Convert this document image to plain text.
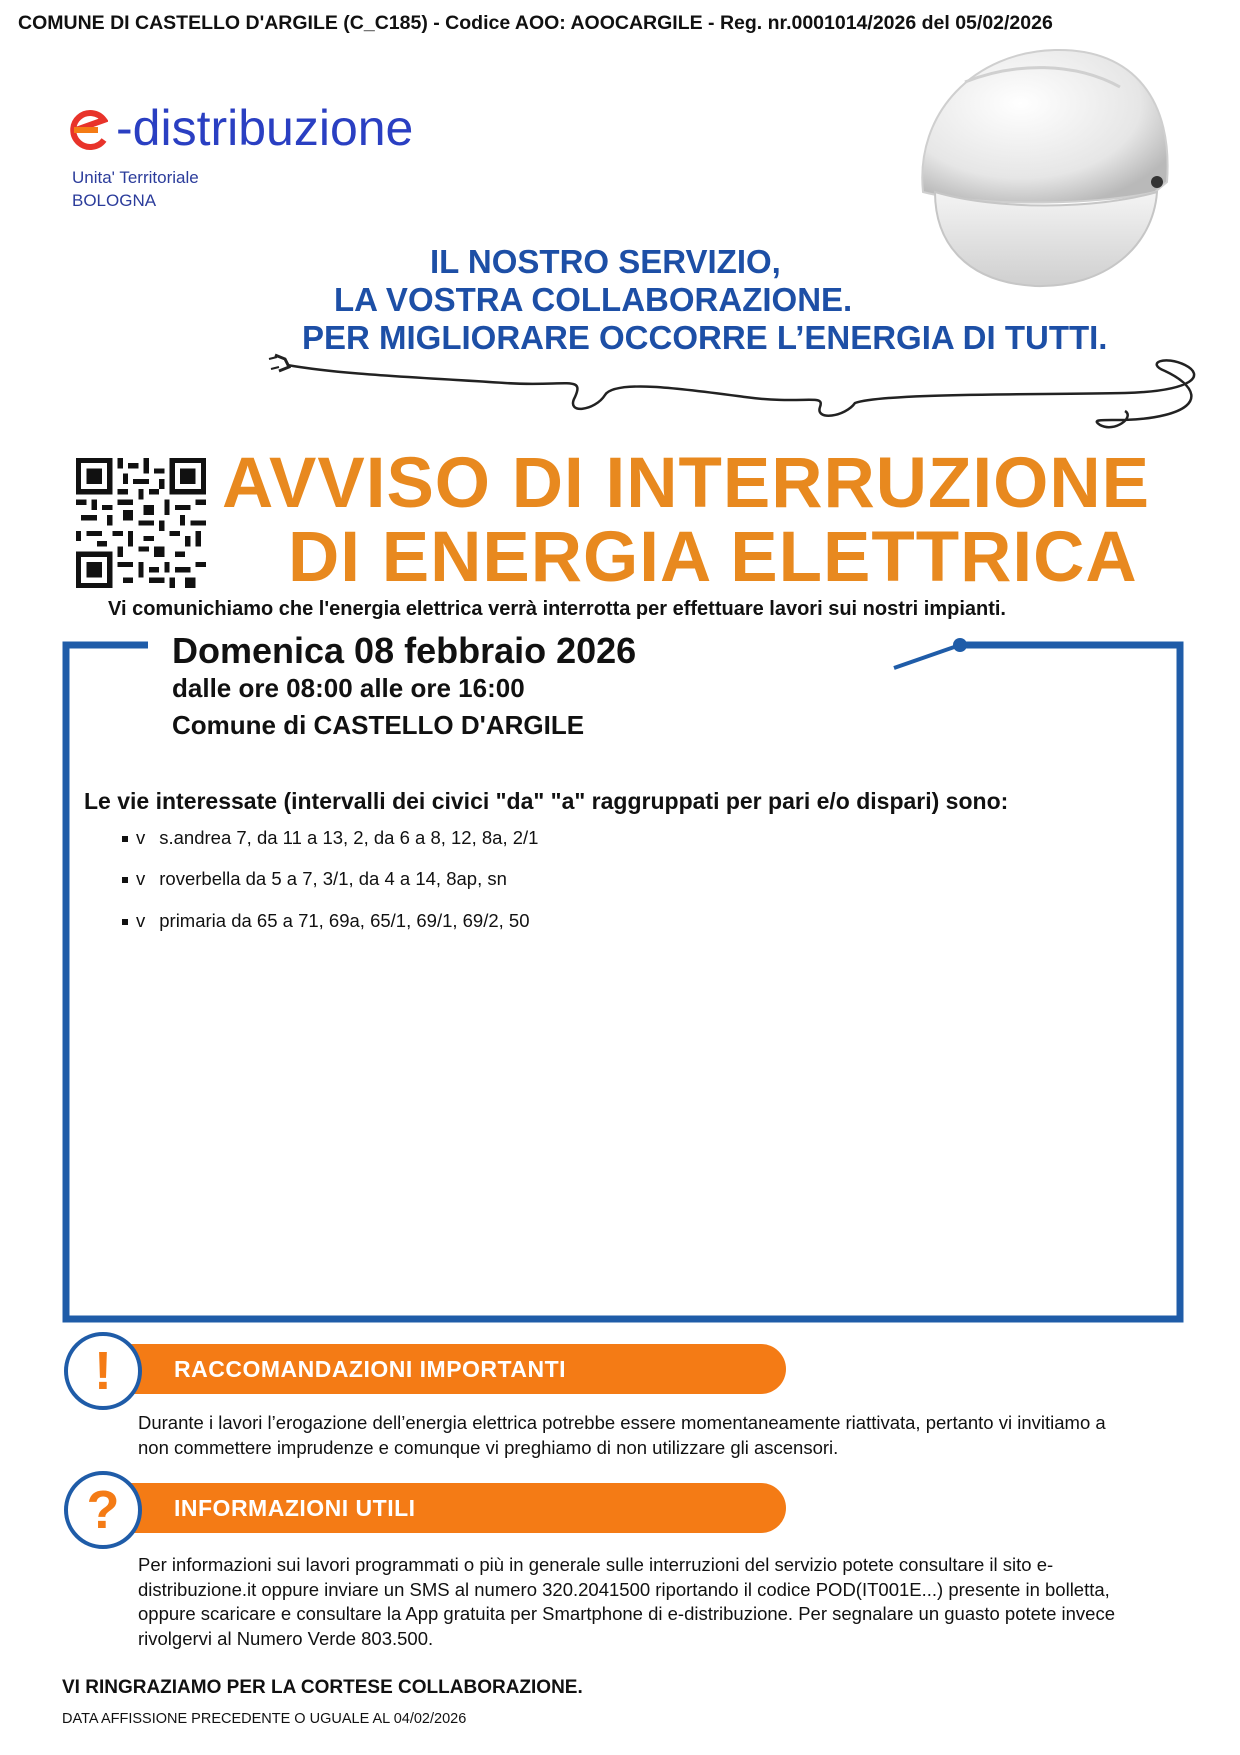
COMUNE DI CASTELLO D'ARGILE (C_C185) - Codice AOO: AOOCARGILE - Reg. nr.0001014/2026 del 05/02/2026
-distribuzione
Unita' Territoriale
BOLOGNA
IL NOSTRO SERVIZIO,
LA VOSTRA COLLABORAZIONE.
PER MIGLIORARE OCCORRE L’ENERGIA DI TUTTI.
AVVISO DI INTERRUZIONE
DI ENERGIA ELETTRICA
Vi comunichiamo che l'energia elettrica verrà interrotta per effettuare lavori sui nostri impianti.
Domenica 08 febbraio 2026
dalle ore 08:00 alle ore 16:00
Comune di CASTELLO D'ARGILE
Le vie interessate (intervalli dei civici "da" "a" raggruppati per pari e/o dispari) sono:
v s.andrea 7, da 11 a 13, 2, da 6 a 8, 12, 8a, 2/1
v roverbella da 5 a 7, 3/1, da 4 a 14, 8ap, sn
v primaria da 65 a 71, 69a, 65/1, 69/1, 69/2, 50
RACCOMANDAZIONI IMPORTANTI
!
Durante i lavori l’erogazione dell’energia elettrica potrebbe essere momentaneamente riattivata, pertanto vi invitiamo a non commettere imprudenze e comunque vi preghiamo di non utilizzare gli ascensori.
INFORMAZIONI UTILI
?
Per informazioni sui lavori programmati o più in generale sulle interruzioni del servizio potete consultare il sito e-distribuzione.it oppure inviare un SMS al numero 320.2041500 riportando il codice POD(IT001E...) presente in bolletta, oppure scaricare e consultare la App gratuita per Smartphone di e-distribuzione. Per segnalare un guasto potete invece rivolgervi al Numero Verde 803.500.
VI RINGRAZIAMO PER LA CORTESE COLLABORAZIONE.
DATA AFFISSIONE PRECEDENTE O UGUALE AL 04/02/2026
